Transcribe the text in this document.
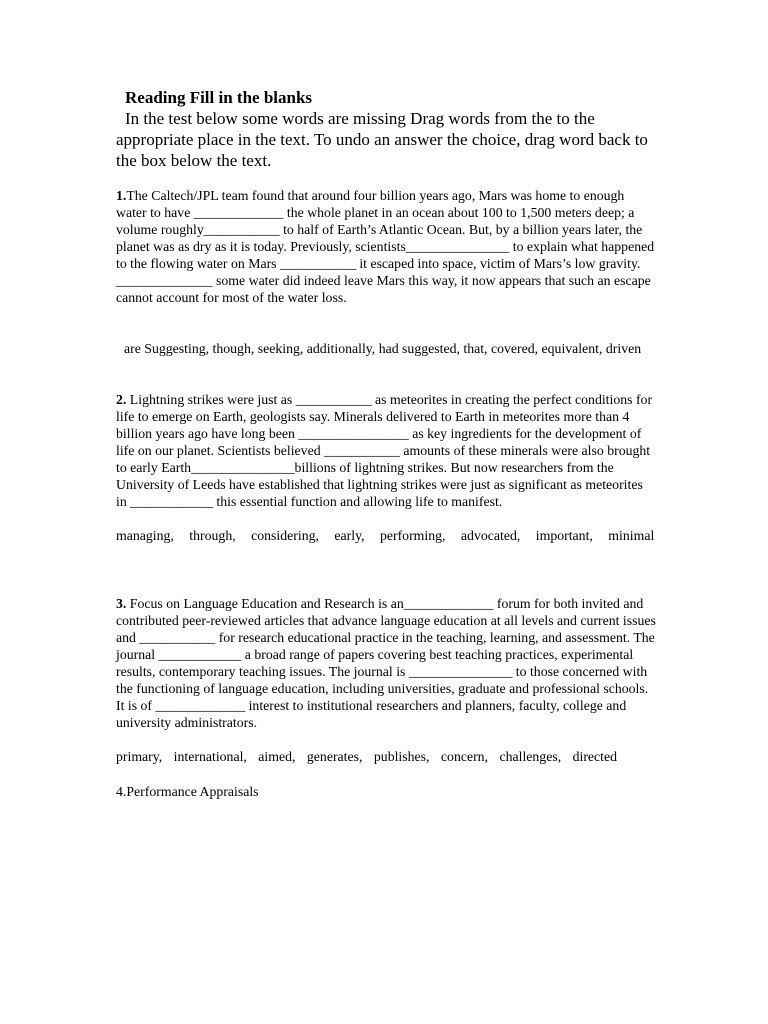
Reading Fill in the blanks

In the test below some words are missing Drag words from the to the appropriate place in the text. To undo an answer the choice, drag word back to the box below the text.

1.The Caltech/JPL team found that around four billion years ago, Mars was home to enough water to have _____________ the whole planet in an ocean about 100 to 1,500 meters deep; a volume roughly___________ to half of Earth’s Atlantic Ocean. But, by a billion years later, the planet was as dry as it is today. Previously, scientists_______________ to explain what happened to the flowing water on Mars ___________ it escaped into space, victim of Mars’s low gravity. ______________ some water did indeed leave Mars this way, it now appears that such an escape cannot account for most of the water loss.

are Suggesting, though, seeking, additionally, had suggested, that, covered, equivalent, driven

2. Lightning strikes were just as ___________ as meteorites in creating the perfect conditions for life to emerge on Earth, geologists say. Minerals delivered to Earth in meteorites more than 4 billion years ago have long been ________________ as key ingredients for the development of life on our planet. Scientists believed ___________ amounts of these minerals were also brought to early Earth_______________billions of lightning strikes. But now researchers from the University of Leeds have established that lightning strikes were just as significant as meteorites in ____________ this essential function and allowing life to manifest.

managing, through, considering, early, performing, advocated, important, minimal

3. Focus on Language Education and Research is an_____________ forum for both invited and contributed peer-reviewed articles that advance language education at all levels and current issues and ___________ for research educational practice in the teaching, learning, and assessment. The journal ____________ a broad range of papers covering best teaching practices, experimental results, contemporary teaching issues. The journal is _______________ to those concerned with the functioning of language education, including universities, graduate and professional schools. It is of _____________ interest to institutional researchers and planners, faculty, college and university administrators.

primary, international, aimed, generates, publishes, concern, challenges, directed

4.Performance Appraisals
